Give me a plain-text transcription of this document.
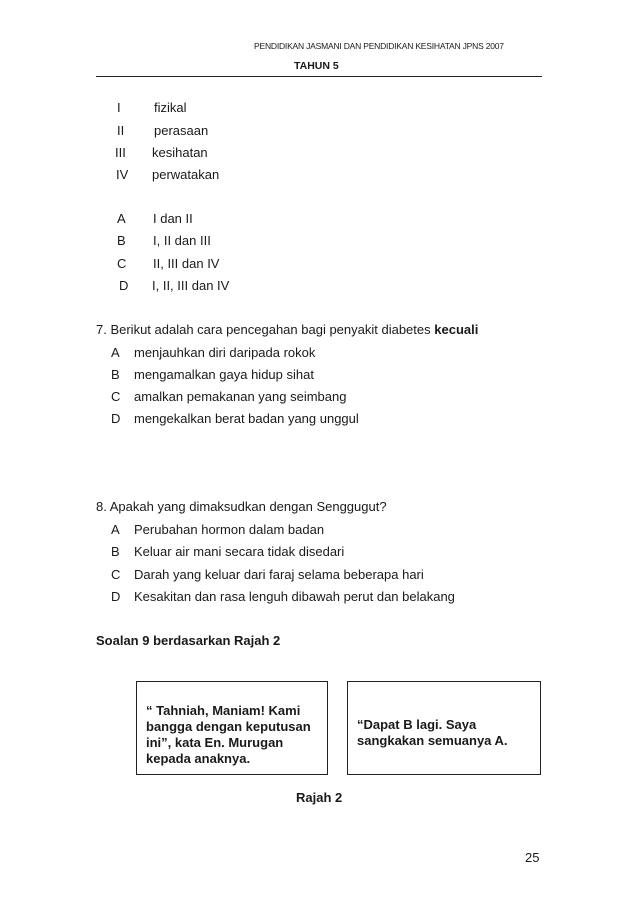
PENDIDIKAN JASMANI DAN PENDIDIKAN KESIHATAN JPNS 2007
TAHUN 5
I	fizikal
II perasaan
III kesihatan
IV perwatakan
A I dan II
B I, II dan III
C II, III dan IV
D I, II, III dan IV
7. Berikut adalah cara pencegahan bagi penyakit diabetes kecuali
A menjauhkan diri daripada rokok
B mengamalkan gaya hidup sihat
C amalkan pemakanan yang seimbang
D mengekalkan berat badan yang unggul
8. Apakah yang dimaksudkan dengan Senggugut?
A Perubahan hormon dalam badan
B Keluar air mani secara tidak disedari
C Darah yang keluar dari faraj selama beberapa hari
D Kesakitan dan rasa lenguh dibawah perut dan belakang
Soalan 9 berdasarkan Rajah 2
“ Tahniah, Maniam! Kami
bangga dengan keputusan
ini”, kata En. Murugan
kepada anaknya.
“Dapat B lagi. Saya
sangkakan semuanya A.
Rajah 2
25
